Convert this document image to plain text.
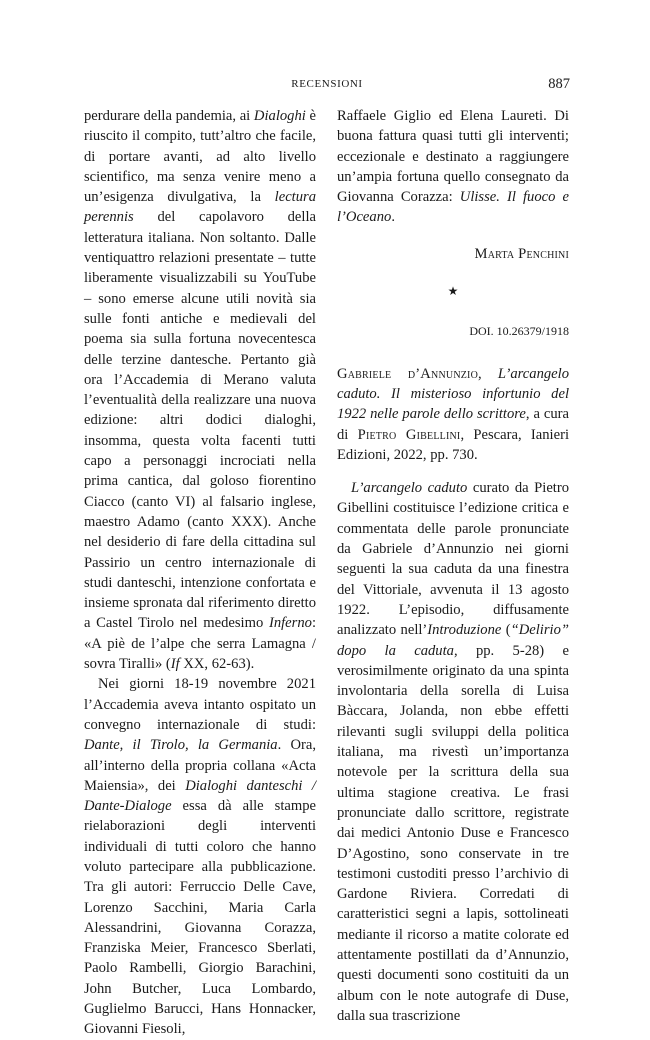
RECENSIONI	887

perdurare della pandemia, ai Dialoghi è riuscito il compito, tutt’altro che facile, di portare avanti, ad alto livello scientifico, ma senza venire meno a un’esigenza divulgativa, la lectura perennis del capolavoro della letteratura italiana. Non soltanto. Dalle ventiquattro relazioni presentate – tutte liberamente visualizzabili su YouTube – sono emerse alcune utili novità sia sulle fonti antiche e medievali del poema sia sulla fortuna novecentesca delle terzine dantesche. Pertanto già ora l’Accademia di Merano valuta l’eventualità della realizzare una nuova edizione: altri dodici dialoghi, insomma, questa volta facenti tutti capo a personaggi incrociati nella prima cantica, dal goloso fiorentino Ciacco (canto VI) al falsario inglese, maestro Adamo (canto XXX). Anche nel desiderio di fare della cittadina sul Passirio un centro internazionale di studi danteschi, intenzione confortata e insieme spronata dal riferimento diretto a Castel Tirolo nel medesimo Inferno: «A piè de l’alpe che serra Lamagna / sovra Tiralli» (If XX, 62-63).

Nei giorni 18-19 novembre 2021 l’Accademia aveva intanto ospitato un convegno internazionale di studi: Dante, il Tirolo, la Germania. Ora, all’interno della propria collana «Acta Maiensia», dei Dialoghi danteschi / Dante-Dialoge essa dà alle stampe rielaborazioni degli interventi individuali di tutti coloro che hanno voluto partecipare alla pubblicazione. Tra gli autori: Ferruccio Delle Cave, Lorenzo Sacchini, Maria Carla Alessandrini, Giovanna Corazza, Franziska Meier, Francesco Sberlati, Paolo Rambelli, Giorgio Barachini, John Butcher, Luca Lombardo, Guglielmo Barucci, Hans Honnacker, Giovanni Fiesoli,

Raffaele Giglio ed Elena Laureti. Di buona fattura quasi tutti gli interventi; eccezionale e destinato a raggiungere un’ampia fortuna quello consegnato da Giovanna Corazza: Ulisse. Il fuoco e l’Oceano.

Marta Penchini

★

DOI. 10.26379/1918

Gabriele d’Annunzio, L’arcangelo caduto. Il misterioso infortunio del 1922 nelle parole dello scrittore, a cura di Pietro Gibellini, Pescara, Ianieri Edizioni, 2022, pp. 730.

L’arcangelo caduto curato da Pietro Gibellini costituisce l’edizione critica e commentata delle parole pronunciate da Gabriele d’Annunzio nei giorni seguenti la sua caduta da una finestra del Vittoriale, avvenuta il 13 agosto 1922. L’episodio, diffusamente analizzato nell’Introduzione (“Delirio” dopo la caduta, pp. 5-28) e verosimilmente originato da una spinta involontaria della sorella di Luisa Bàccara, Jolanda, non ebbe effetti rilevanti sugli sviluppi della politica italiana, ma rivestì un’importanza notevole per la scrittura della sua ultima stagione creativa. Le frasi pronunciate dallo scrittore, registrate dai medici Antonio Duse e Francesco D’Agostino, sono conservate in tre testimoni custoditi presso l’archivio di Gardone Riviera. Corredati di caratteristici segni a lapis, sottolineati mediante il ricorso a matite colorate ed attentamente postillati da d’Annunzio, questi documenti sono costituiti da un album con le note autografe di Duse, dalla sua trascrizione
